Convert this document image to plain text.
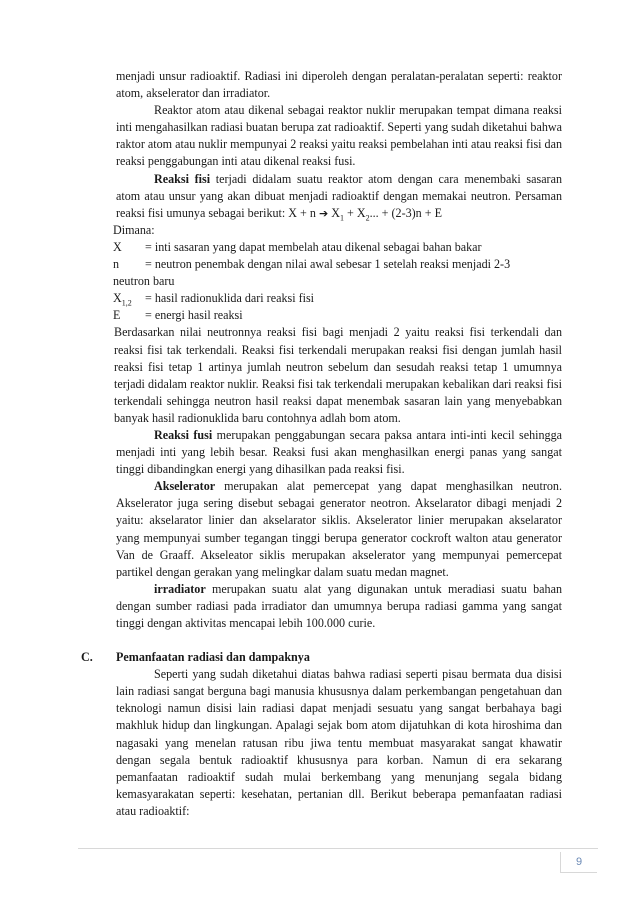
menjadi unsur radioaktif. Radiasi ini diperoleh dengan peralatan-peralatan seperti: reaktor atom, akselerator dan irradiator.

Reaktor atom atau dikenal sebagai reaktor nuklir merupakan tempat dimana reaksi inti mengahasilkan radiasi buatan berupa zat radioaktif. Seperti yang sudah diketahui bahwa raktor atom atau nuklir mempunyai 2 reaksi yaitu reaksi pembelahan inti atau reaksi fisi dan reaksi penggabungan inti atau dikenal reaksi fusi.

Reaksi fisi terjadi didalam suatu reaktor atom dengan cara menembaki sasaran atom atau unsur yang akan dibuat menjadi radioaktif dengan memakai neutron. Persaman reaksi fisi umunya sebagai berikut: X + n ➔ $X_1 + X_2$... + (2-3)n + E

Dimana:

X = inti sasaran yang dapat membelah atau dikenal sebagai bahan bakar
n = neutron penembak dengan nilai awal sebesar 1 setelah reaksi menjadi 2-3

neutron baru

$X_{1,2}$ = hasil radionuklida dari reaksi fisi
E = energi hasil reaksi

Berdasarkan nilai neutronnya reaksi fisi bagi menjadi 2 yaitu reaksi fisi terkendali dan reaksi fisi tak terkendali. Reaksi fisi terkendali merupakan reaksi fisi dengan jumlah hasil reaksi fisi tetap 1 artinya jumlah neutron sebelum dan sesudah reaksi tetap 1 umumnya terjadi didalam reaktor nuklir. Reaksi fisi tak terkendali merupakan kebalikan dari reaksi fisi terkendali sehingga neutron hasil reaksi dapat menembak sasaran lain yang menyebabkan banyak hasil radionuklida baru contohnya adlah bom atom.

Reaksi fusi merupakan penggabungan secara paksa antara inti-inti kecil sehingga menjadi inti yang lebih besar. Reaksi fusi akan menghasilkan energi panas yang sangat tinggi dibandingkan energi yang dihasilkan pada reaksi fisi.

Akselerator merupakan alat pemercepat yang dapat menghasilkan neutron. Akselerator juga sering disebut sebagai generator neotron. Akselarator dibagi menjadi 2 yaitu: akselarator linier dan akselarator siklis. Akselerator linier merupakan akselarator yang mempunyai sumber tegangan tinggi berupa generator cockroft walton atau generator Van de Graaff. Akseleator siklis merupakan akselerator yang mempunyai pemercepat partikel dengan gerakan yang melingkar dalam suatu medan magnet.

irradiator merupakan suatu alat yang digunakan untuk meradiasi suatu bahan dengan sumber radiasi pada irradiator dan umumnya berupa radiasi gamma yang sangat tinggi dengan aktivitas mencapai lebih 100.000 curie.

C. Pemanfaatan radiasi dan dampaknya

Seperti yang sudah diketahui diatas bahwa radiasi seperti pisau bermata dua disisi lain radiasi sangat berguna bagi manusia khususnya dalam perkembangan pengetahuan dan teknologi namun disisi lain radiasi dapat menjadi sesuatu yang sangat berbahaya bagi makhluk hidup dan lingkungan. Apalagi sejak bom atom dijatuhkan di kota hiroshima dan nagasaki yang menelan ratusan ribu jiwa tentu membuat masyarakat sangat khawatir dengan segala bentuk radioaktif khususnya para korban. Namun di era sekarang pemanfaatan radioaktif sudah mulai berkembang yang menunjang segala bidang kemasyarakatan seperti: kesehatan, pertanian dll. Berikut beberapa pemanfaatan radiasi atau radioaktif:

9
